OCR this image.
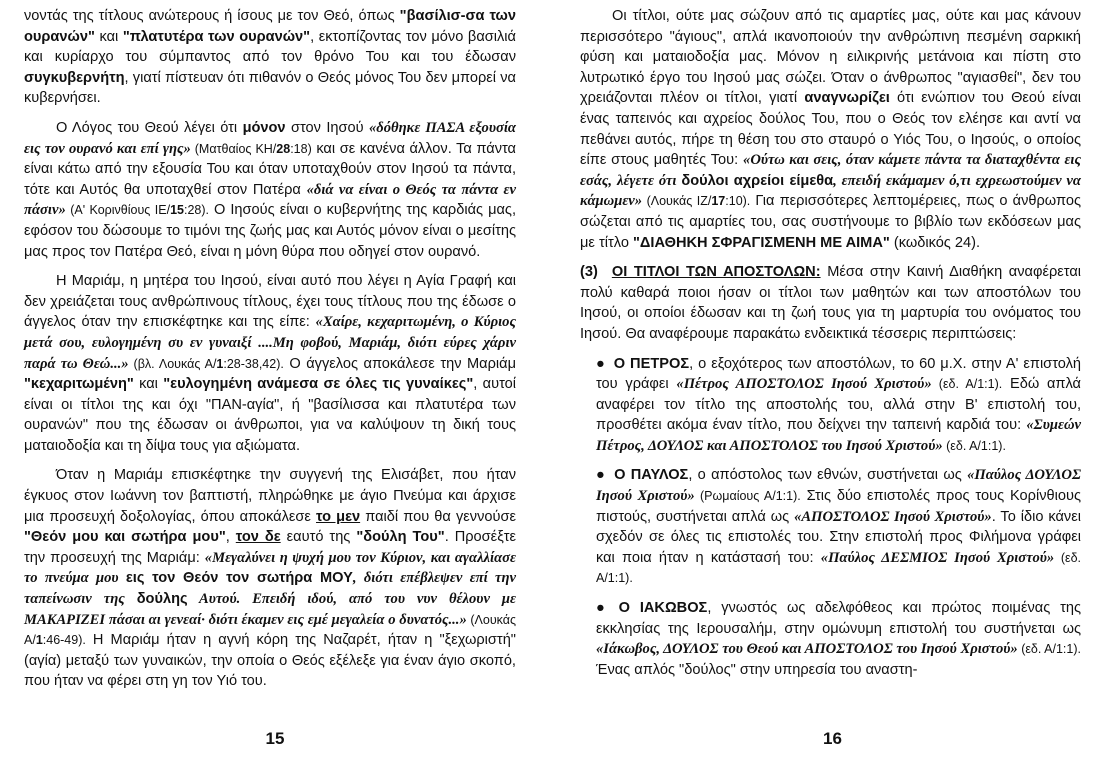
νοντάς της τίτλους ανώτερους ή ίσους με τον Θεό, όπως "βασίλισ-σα των ουρανών" και "πλατυτέρα των ουρανών", εκτοπίζοντας τον μόνο βασιλιά και κυρίαρχο του σύμπαντος από τον θρόνο Του και του έδωσαν συγκυβερνήτη, γιατί πίστευαν ότι πιθανόν ο Θεός μόνος Του δεν μπορεί να κυβερνήσει.

Ο Λόγος του Θεού λέγει ότι μόνον στον Ιησού «δόθηκε ΠΑΣΑ εξουσία εις τον ουρανό και επί γης» (Ματθαίος ΚΗ/28:18) και σε κανένα άλλον. Τα πάντα είναι κάτω από την εξουσία Του και όταν υποταχθούν στον Ιησού τα πάντα, τότε και Αυτός θα υποταχθεί στον Πατέρα «διά να είναι ο Θεός τα πάντα εν πάσιν» (Α' Κορινθίους ΙΕ/15:28). Ο Ιησούς είναι ο κυβερνήτης της καρδιάς μας, εφόσον του δώσουμε το τιμόνι της ζωής μας και Αυτός μόνον είναι ο μεσίτης μας προς τον Πατέρα Θεό, είναι η μόνη θύρα που οδηγεί στον ουρανό.

Η Μαριάμ, η μητέρα του Ιησού, είναι αυτό που λέγει η Αγία Γραφή και δεν χρειάζεται τους ανθρώπινους τίτλους, έχει τους τίτλους που της έδωσε ο άγγελος όταν την επισκέφτηκε και της είπε: «Χαίρε, κεχαριτωμένη, ο Κύριος μετά σου, ευλογημένη συ εν γυναιξί ....Μη φοβού, Μαριάμ, διότι εύρες χάριν παρά τω Θεώ...» (βλ. Λουκάς Α/1:28-38,42). Ο άγγελος αποκάλεσε την Μαριάμ "κεχαριτωμένη" και "ευλογημένη ανάμεσα σε όλες τις γυναίκες", αυτοί είναι οι τίτλοι της και όχι "ΠΑΝ-αγία", ή "βασίλισσα και πλατυτέρα των ουρανών" που της έδωσαν οι άνθρωποι, για να καλύψουν τη δική τους ματαιοδοξία και τη δίψα τους για αξιώματα.

Όταν η Μαριάμ επισκέφτηκε την συγγενή της Ελισάβετ, που ήταν έγκυος στον Ιωάννη τον βαπτιστή, πληρώθηκε με άγιο Πνεύμα και άρχισε μια προσευχή δοξολογίας, όπου αποκάλεσε το μεν παιδί που θα γεννούσε "Θεόν μου και σωτήρα μου", τον δε εαυτό της "δούλη Του". Προσέξτε την προσευχή της Μαριάμ: «Μεγαλύνει η ψυχή μου τον Κύριον, και αγαλλίασε το πνεύμα μου εις τον Θεόν τον σωτήρα ΜΟΥ, διότι επέβλεψεν επί την ταπείνωσιν της δούλης Αυτού. Επειδή ιδού, από του νυν θέλουν με ΜΑΚΑΡΙΖΕΙ πάσαι αι γενεαί· διότι έκαμεν εις εμέ μεγαλεία ο δυνατός...» (Λουκάς Α/1:46-49). Η Μαριάμ ήταν η αγνή κόρη της Ναζαρέτ, ήταν η "ξεχωριστή" (αγία) μεταξύ των γυναικών, την οποία ο Θεός εξέλεξε για έναν άγιο σκοπό, που ήταν να φέρει στη γη τον Υιό του.

15

Οι τίτλοι, ούτε μας σώζουν από τις αμαρτίες μας, ούτε και μας κάνουν περισσότερο "άγιους", απλά ικανοποιούν την ανθρώπινη πεσμένη σαρκική φύση και ματαιοδοξία μας. Μόνον η ειλικρινής μετάνοια και πίστη στο λυτρωτικό έργο του Ιησού μας σώζει. Όταν ο άνθρωπος "αγιασθεί", δεν του χρειάζονται πλέον οι τίτλοι, γιατί αναγνωρίζει ότι ενώπιον του Θεού είναι ένας ταπεινός και αχρείος δούλος Του, που ο Θεός τον ελέησε και αντί να πεθάνει αυτός, πήρε τη θέση του στο σταυρό ο Υιός Του, ο Ιησούς, ο οποίος είπε στους μαθητές Του: «Ούτω και σεις, όταν κάμετε πάντα τα διαταχθέντα εις εσάς, λέγετε ότι δούλοι αχρείοι είμεθα, επειδή εκάμαμεν ό,τι εχρεωστούμεν να κάμωμεν» (Λουκάς ΙΖ/17:10). Για περισσότερες λεπτομέρειες, πως ο άνθρωπος σώζεται από τις αμαρτίες του, σας συστήνουμε το βιβλίο των εκδόσεων μας με τίτλο "ΔΙΑΘΗΚΗ ΣΦΡΑΓΙΣΜΕΝΗ ΜΕ ΑΙΜΑ" (κωδικός 24).

(3) ΟΙ ΤΙΤΛΟΙ ΤΩΝ ΑΠΟΣΤΟΛΩΝ: Μέσα στην Καινή Διαθήκη αναφέρεται πολύ καθαρά ποιοι ήσαν οι τίτλοι των μαθητών και των αποστόλων του Ιησού, οι οποίοι έδωσαν και τη ζωή τους για τη μαρτυρία του ονόματος του Ιησού. Θα αναφέρουμε παρακάτω ενδεικτικά τέσσερις περιπτώσεις:

● Ο ΠΕΤΡΟΣ, ο εξοχότερος των αποστόλων, το 60 μ.Χ. στην Α' επιστολή του γράφει «Πέτρος ΑΠΟΣΤΟΛΟΣ Ιησού Χριστού» (εδ. Α/1:1). Εδώ απλά αναφέρει τον τίτλο της αποστολής του, αλλά στην Β' επιστολή του, προσθέτει ακόμα έναν τίτλο, που δείχνει την ταπεινή καρδιά του: «Συμεών Πέτρος, ΔΟΥΛΟΣ και ΑΠΟΣΤΟΛΟΣ του Ιησού Χριστού» (εδ. Α/1:1).

● Ο ΠΑΥΛΟΣ, ο απόστολος των εθνών, συστήνεται ως «Παύλος ΔΟΥΛΟΣ Ιησού Χριστού» (Ρωμαίους Α/1:1). Στις δύο επιστολές προς τους Κορίνθιους πιστούς, συστήνεται απλά ως «ΑΠΟΣΤΟΛΟΣ Ιησού Χριστού». Το ίδιο κάνει σχεδόν σε όλες τις επιστολές του. Στην επιστολή προς Φιλήμονα γράφει και ποια ήταν η κατάστασή του: «Παύλος ΔΕΣΜΙΟΣ Ιησού Χριστού» (εδ. Α/1:1).

● Ο ΙΑΚΩΒΟΣ, γνωστός ως αδελφόθεος και πρώτος ποιμένας της εκκλησίας της Ιερουσαλήμ, στην ομώνυμη επιστολή του συστήνεται ως «Ιάκωβος, ΔΟΥΛΟΣ του Θεού και ΑΠΟΣΤΟΛΟΣ του Ιησού Χριστού» (εδ. Α/1:1). Ένας απλός "δούλος" στην υπηρεσία του αναστη-

16
